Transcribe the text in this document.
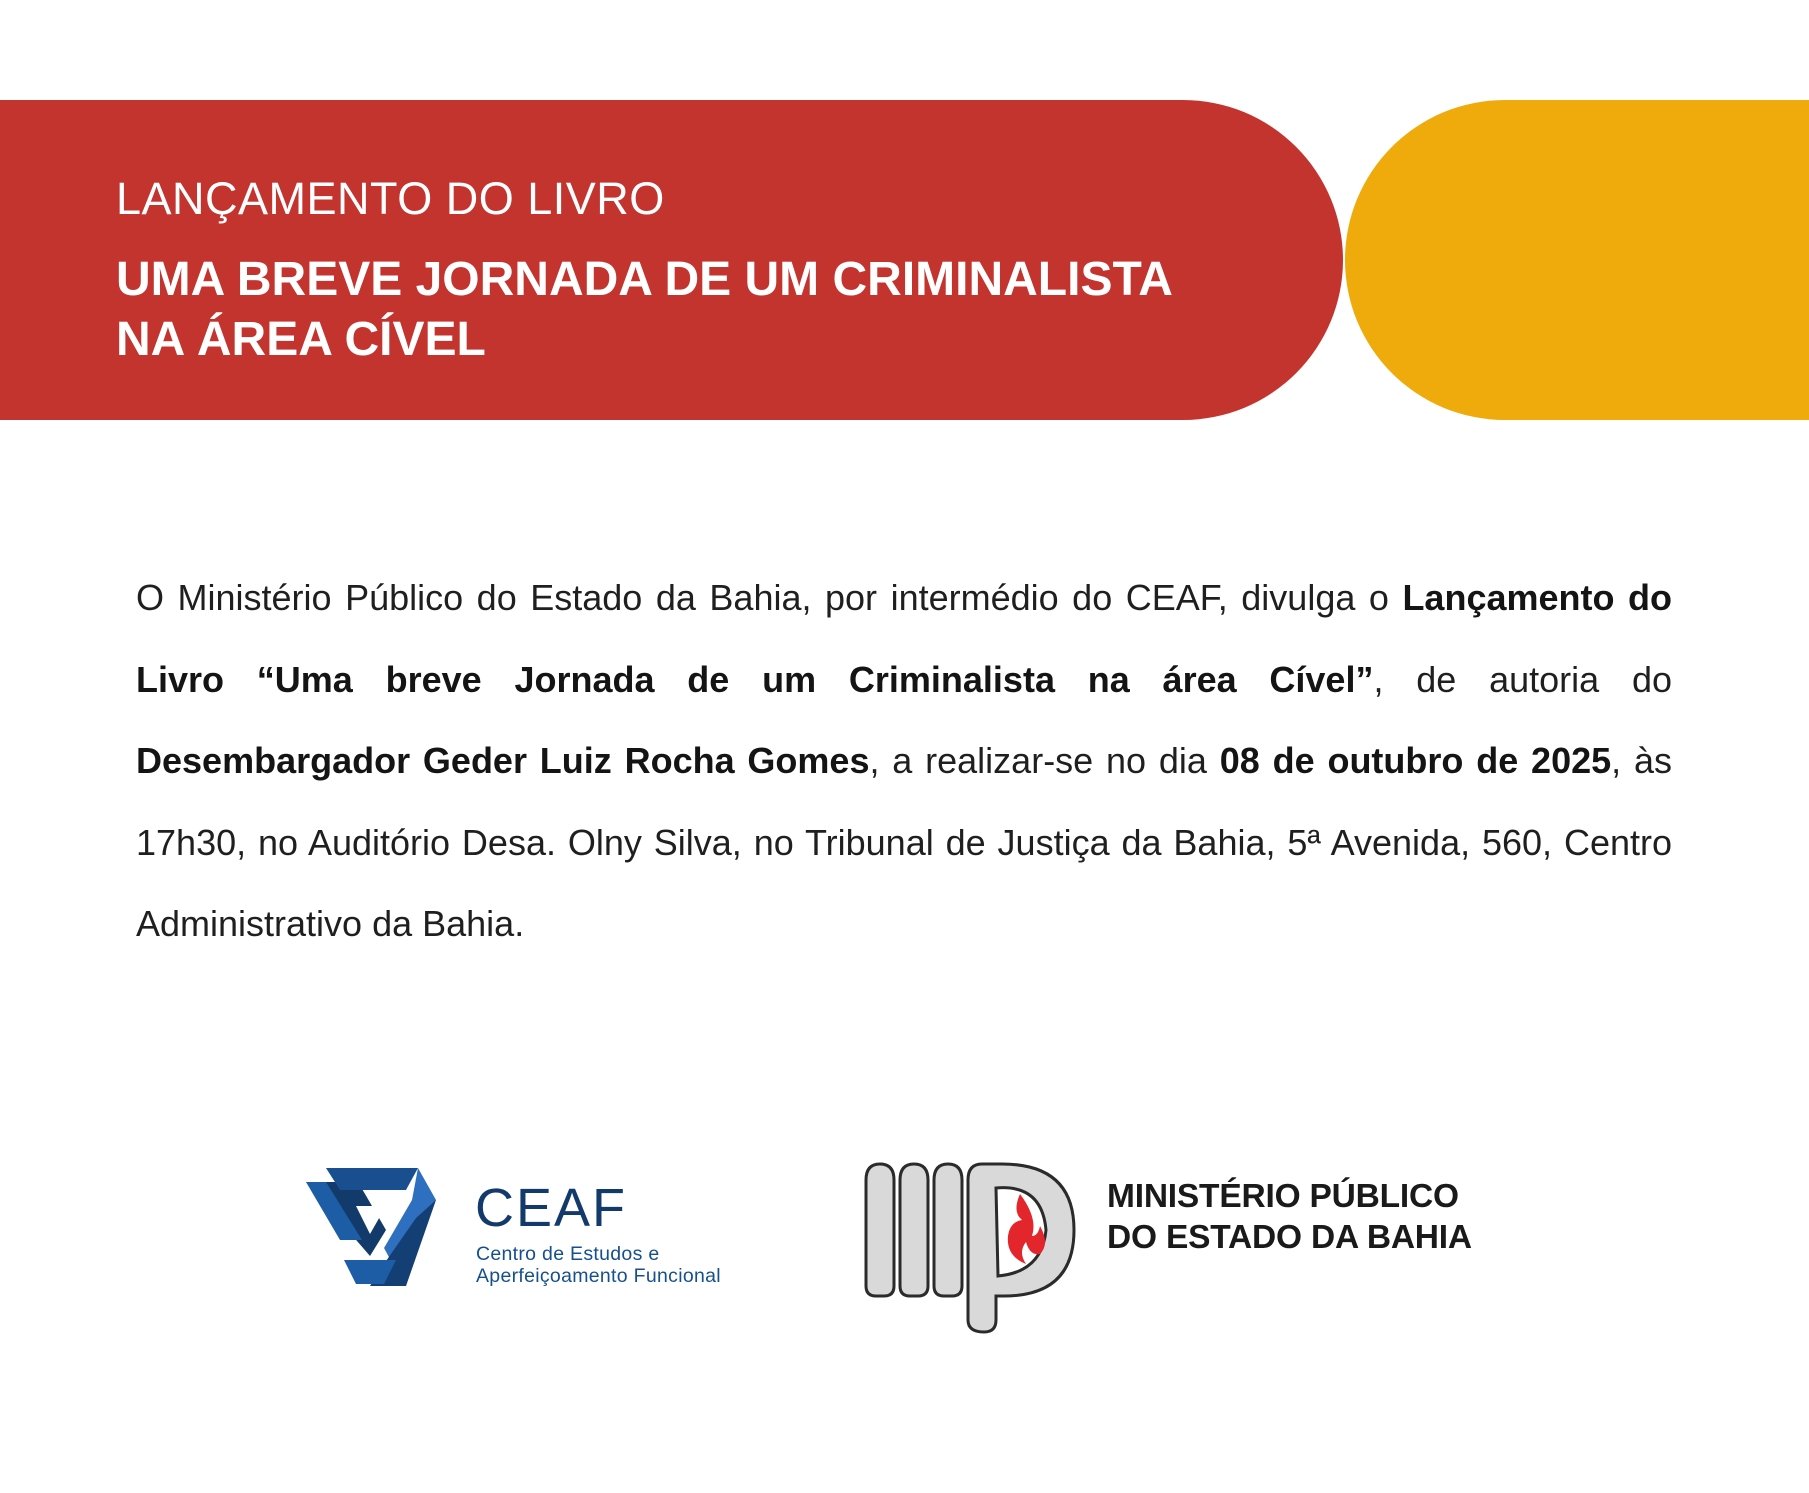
LANÇAMENTO DO LIVRO
UMA BREVE JORNADA DE UM CRIMINALISTA
NA ÁREA CÍVEL

O Ministério Público do Estado da Bahia, por intermédio do CEAF, divulga o Lançamento do Livro “Uma breve Jornada de um Criminalista na área Cível”, de autoria do Desembargador Geder Luiz Rocha Gomes, a realizar-se no dia 08 de outubro de 2025, às 17h30, no Auditório Desa. Olny Silva, no Tribunal de Justiça da Bahia, 5ª Avenida, 560, Centro Administrativo da Bahia.

CEAF
Centro de Estudos e
Aperfeiçoamento Funcional
MINISTÉRIO PÚBLICO
DO ESTADO DA BAHIA
